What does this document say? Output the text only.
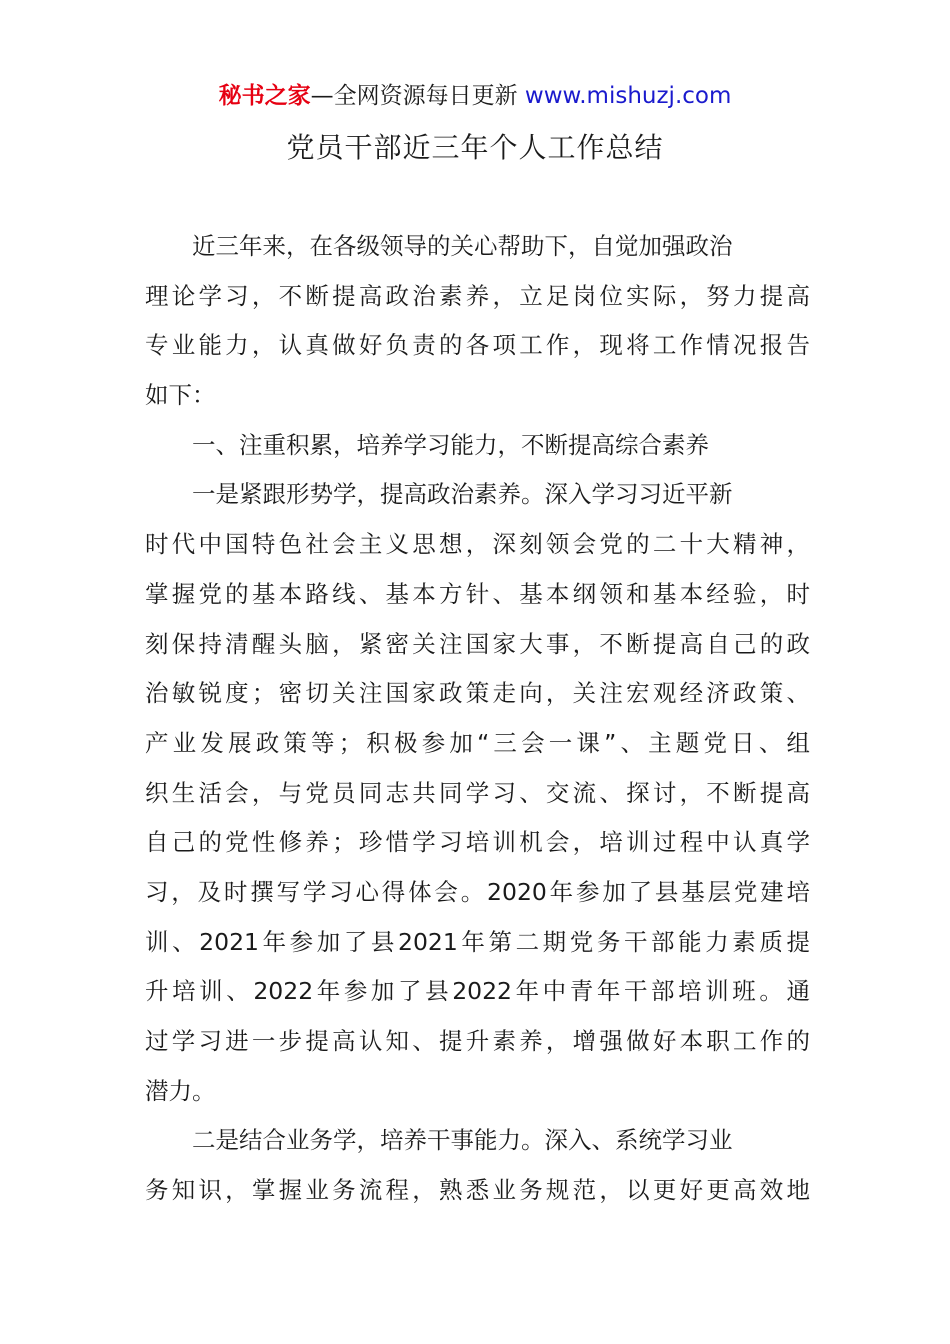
秘书之家—全网资源每日更新 www.mishuzj.com
党员干部近三年个人工作总结
近三年来，在各级领导的关心帮助下，自觉加强政治
理论学习，不断提高政治素养，立足岗位实际，努力提高
专业能力，认真做好负责的各项工作，现将工作情况报告
如下：
一、注重积累，培养学习能力，不断提高综合素养
一是紧跟形势学，提高政治素养。深入学习习近平新
时代中国特色社会主义思想，深刻领会党的二十大精神，
掌握党的基本路线、基本方针、基本纲领和基本经验，时
刻保持清醒头脑，紧密关注国家大事，不断提高自己的政
治敏锐度；密切关注国家政策走向，关注宏观经济政策、
产业发展政策等；积极参加“三会一课”、主题党日、组
织生活会，与党员同志共同学习、交流、探讨，不断提高
自己的党性修养；珍惜学习培训机会，培训过程中认真学
习，及时撰写学习心得体会。2020年参加了县基层党建培
训、2021年参加了县2021年第二期党务干部能力素质提
升培训、2022年参加了县2022年中青年干部培训班。通
过学习进一步提高认知、提升素养，增强做好本职工作的
潜力。
二是结合业务学，培养干事能力。深入、系统学习业
务知识，掌握业务流程，熟悉业务规范，以更好更高效地
